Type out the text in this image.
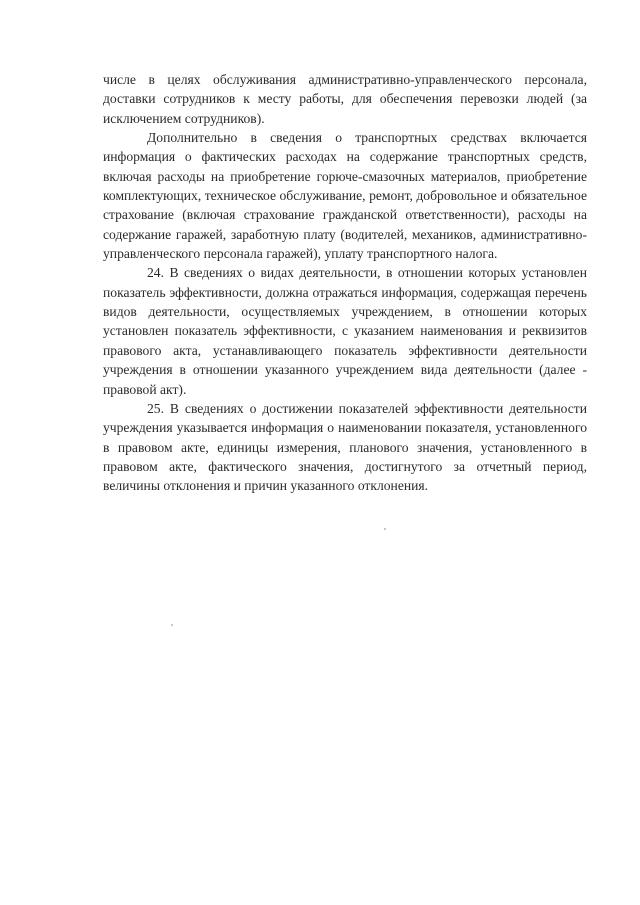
числе в целях обслуживания административно-управленческого персонала, доставки сотрудников к месту работы, для обеспечения перевозки людей (за исключением сотрудников).

Дополнительно в сведения о транспортных средствах включается информация о фактических расходах на содержание транспортных средств, включая расходы на приобретение горюче-смазочных материалов, приобретение комплектующих, техническое обслуживание, ремонт, добровольное и обязательное страхование (включая страхование гражданской ответственности), расходы на содержание гаражей, заработную плату (водителей, механиков, административно-управленческого персонала гаражей), уплату транспортного налога.

24. В сведениях о видах деятельности, в отношении которых установлен показатель эффективности, должна отражаться информация, содержащая перечень видов деятельности, осуществляемых учреждением, в отношении которых установлен показатель эффективности, с указанием наименования и реквизитов правового акта, устанавливающего показатель эффективности деятельности учреждения в отношении указанного учреждением вида деятельности (далее - правовой акт).

25. В сведениях о достижении показателей эффективности деятельности учреждения указывается информация о наименовании показателя, установленного в правовом акте, единицы измерения, планового значения, установленного в правовом акте, фактического значения, достигнутого за отчетный период, величины отклонения и причин указанного отклонения.
